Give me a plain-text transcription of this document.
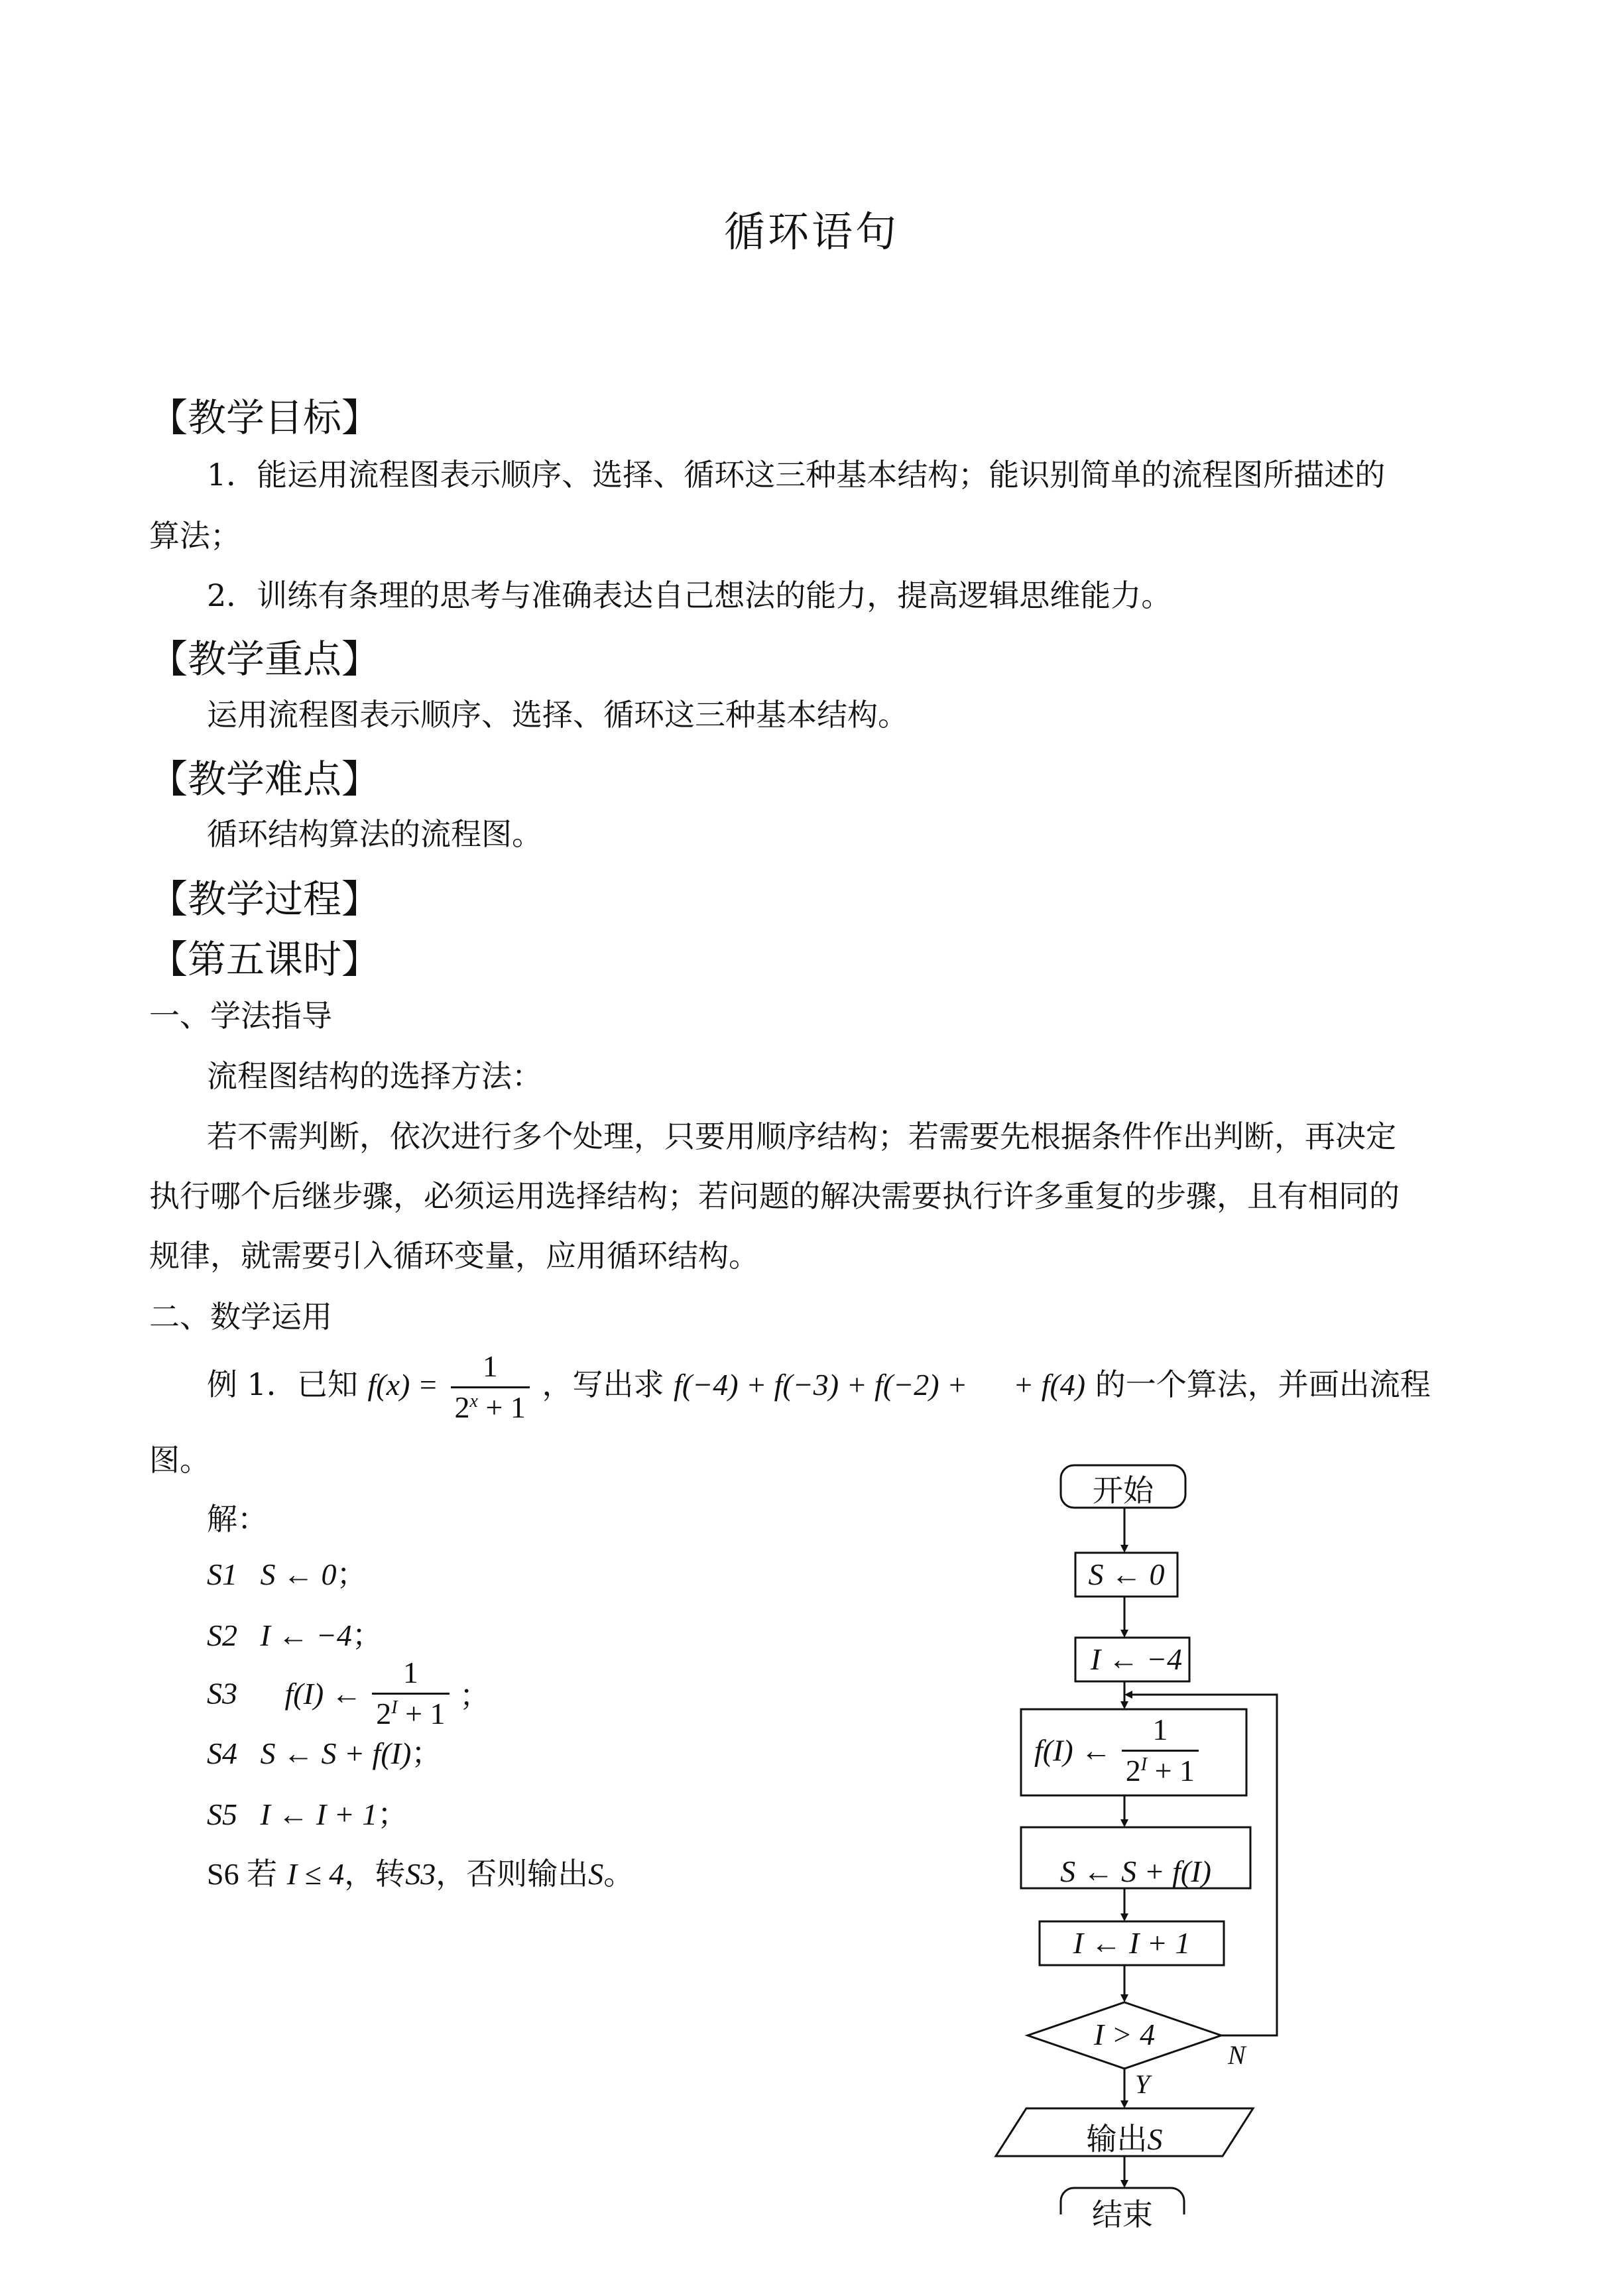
循环语句
【教学目标】
1．能运用流程图表示顺序、选择、循环这三种基本结构；能识别简单的流程图所描述的
算法；
2．训练有条理的思考与准确表达自己想法的能力，提高逻辑思维能力。
【教学重点】
运用流程图表示顺序、选择、循环这三种基本结构。
【教学难点】
循环结构算法的流程图。
【教学过程】
【第五课时】
一、学法指导
流程图结构的选择方法：
若不需判断，依次进行多个处理，只要用顺序结构；若需要先根据条件作出判断，再决定
执行哪个后继步骤，必须运用选择结构；若问题的解决需要执行许多重复的步骤，且有相同的
规律，就需要引入循环变量，应用循环结构。
二、数学运用
例 1．已知 $f(x) = \frac{1}{2^x + 1}$ ，写出求 f(−4) + f(−3) + f(−2) +      + f(4) 的一个算法，并画出流程
图。
解：
S1   S ← 0；
S2   I ← −4；
S3 f(I) ← $\frac{1}{2^I + 1}$ ；
S4   S ← S + f(I)；
S5   I ← I + 1；
S6 若 I ≤ 4，转S3，否则输出S。
开始
S ← 0
I ← −4
f(I) ← $\frac{1}{2^I + 1}$
S ← S + f(I)
I ← I + 1
I > 4
Y
N
输出S
结束
